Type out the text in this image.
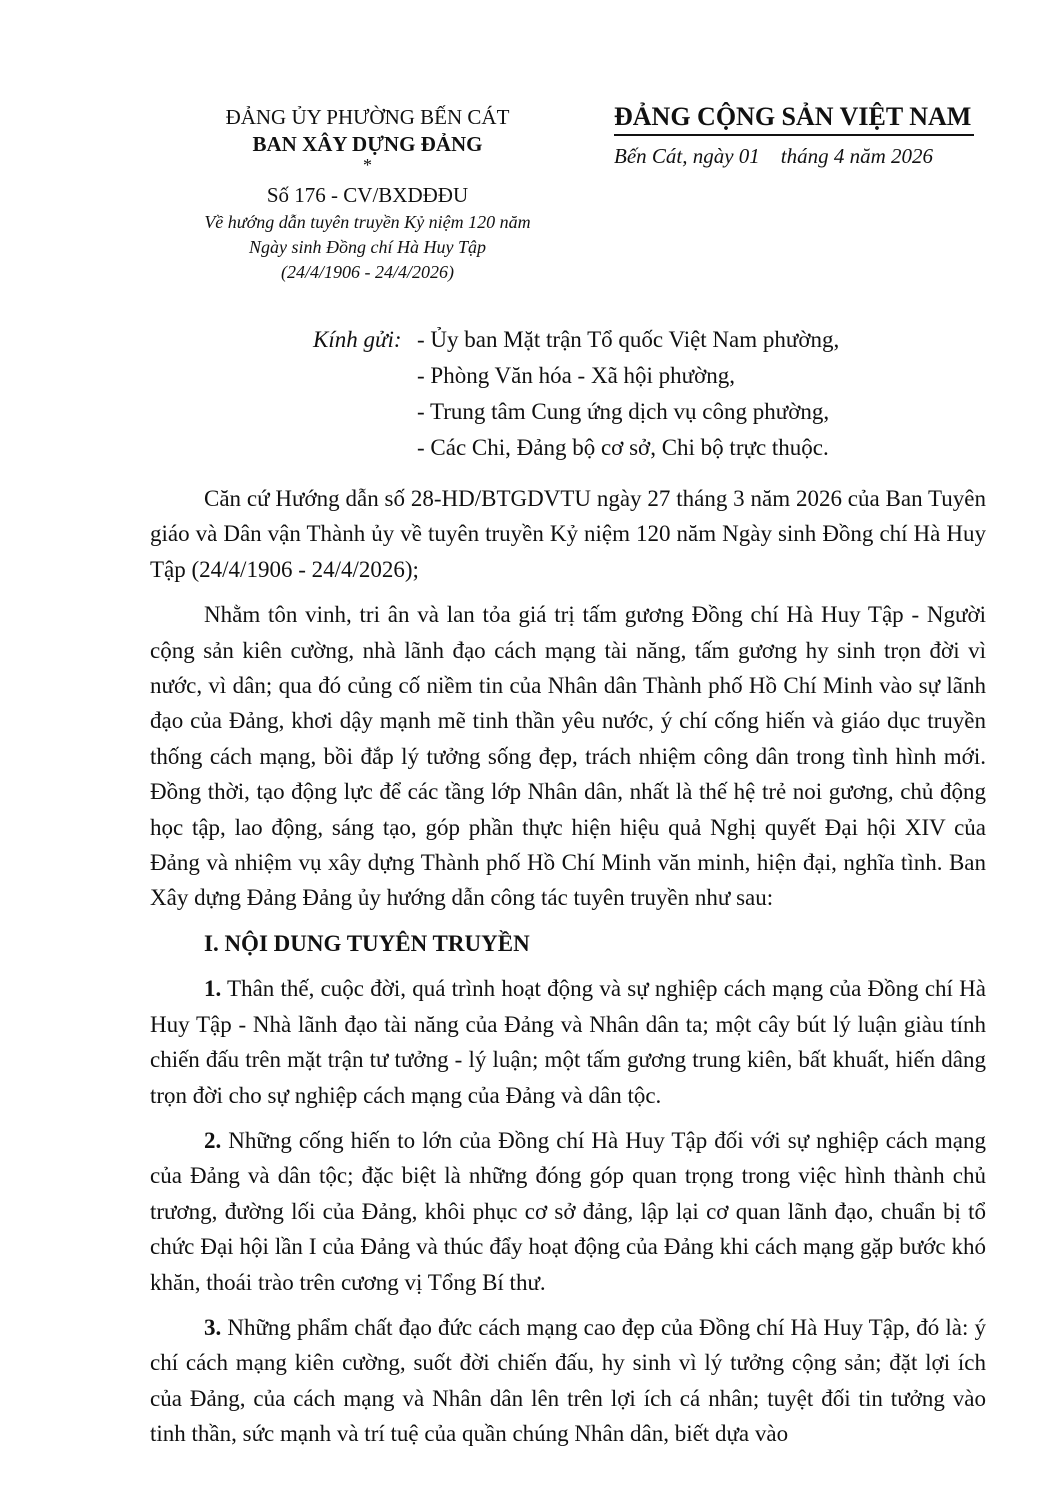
ĐẢNG ỦY PHƯỜNG BẾN CÁT
BAN XÂY DỰNG ĐẢNG
*
Số 176 - CV/BXDĐĐU
Về hướng dẫn tuyên truyền Kỷ niệm 120 năm
Ngày sinh Đồng chí Hà Huy Tập
(24/4/1906 - 24/4/2026)
ĐẢNG CỘNG SẢN VIỆT NAM
Bến Cát, ngày 01    tháng 4 năm 2026
Kính gửi: - Ủy ban Mặt trận Tổ quốc Việt Nam phường,
- Phòng Văn hóa - Xã hội phường,
- Trung tâm Cung ứng dịch vụ công phường,
- Các Chi, Đảng bộ cơ sở, Chi bộ trực thuộc.

Căn cứ Hướng dẫn số 28-HD/BTGDVTU ngày 27 tháng 3 năm 2026 của Ban Tuyên giáo và Dân vận Thành ủy về tuyên truyền Kỷ niệm 120 năm Ngày sinh Đồng chí Hà Huy Tập (24/4/1906 - 24/4/2026);

Nhằm tôn vinh, tri ân và lan tỏa giá trị tấm gương Đồng chí Hà Huy Tập - Người cộng sản kiên cường, nhà lãnh đạo cách mạng tài năng, tấm gương hy sinh trọn đời vì nước, vì dân; qua đó củng cố niềm tin của Nhân dân Thành phố Hồ Chí Minh vào sự lãnh đạo của Đảng, khơi dậy mạnh mẽ tinh thần yêu nước, ý chí cống hiến và giáo dục truyền thống cách mạng, bồi đắp lý tưởng sống đẹp, trách nhiệm công dân trong tình hình mới. Đồng thời, tạo động lực để các tầng lớp Nhân dân, nhất là thế hệ trẻ noi gương, chủ động học tập, lao động, sáng tạo, góp phần thực hiện hiệu quả Nghị quyết Đại hội XIV của Đảng và nhiệm vụ xây dựng Thành phố Hồ Chí Minh văn minh, hiện đại, nghĩa tình. Ban Xây dựng Đảng Đảng ủy hướng dẫn công tác tuyên truyền như sau:

I. NỘI DUNG TUYÊN TRUYỀN

1. Thân thế, cuộc đời, quá trình hoạt động và sự nghiệp cách mạng của Đồng chí Hà Huy Tập - Nhà lãnh đạo tài năng của Đảng và Nhân dân ta; một cây bút lý luận giàu tính chiến đấu trên mặt trận tư tưởng - lý luận; một tấm gương trung kiên, bất khuất, hiến dâng trọn đời cho sự nghiệp cách mạng của Đảng và dân tộc.

2. Những cống hiến to lớn của Đồng chí Hà Huy Tập đối với sự nghiệp cách mạng của Đảng và dân tộc; đặc biệt là những đóng góp quan trọng trong việc hình thành chủ trương, đường lối của Đảng, khôi phục cơ sở đảng, lập lại cơ quan lãnh đạo, chuẩn bị tổ chức Đại hội lần I của Đảng và thúc đẩy hoạt động của Đảng khi cách mạng gặp bước khó khăn, thoái trào trên cương vị Tổng Bí thư.

3. Những phẩm chất đạo đức cách mạng cao đẹp của Đồng chí Hà Huy Tập, đó là: ý chí cách mạng kiên cường, suốt đời chiến đấu, hy sinh vì lý tưởng cộng sản; đặt lợi ích của Đảng, của cách mạng và Nhân dân lên trên lợi ích cá nhân; tuyệt đối tin tưởng vào tinh thần, sức mạnh và trí tuệ của quần chúng Nhân dân, biết dựa vào
